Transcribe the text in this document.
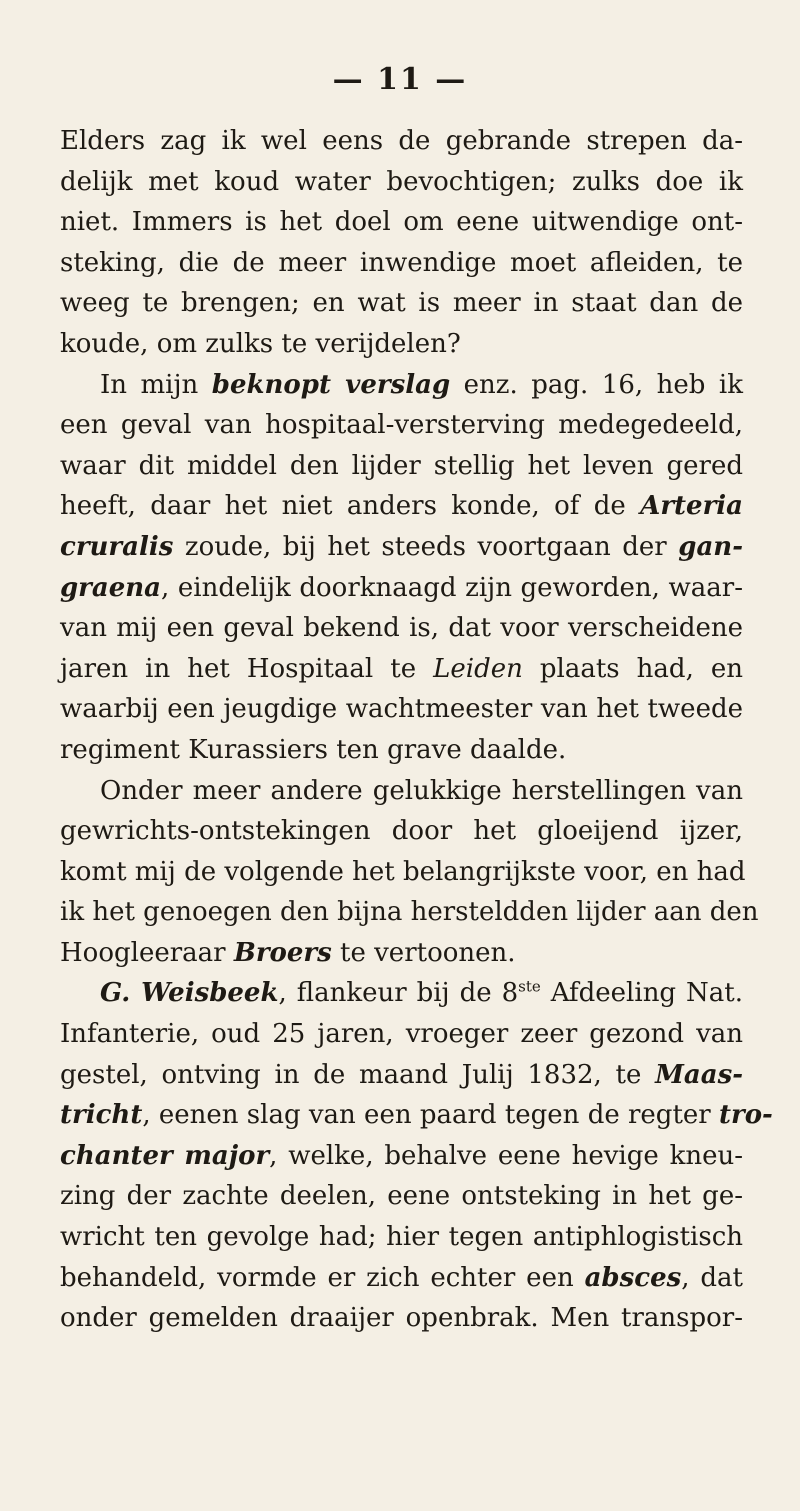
— 11 —
Elders zag ik wel eens de gebrande strepen da-
delijk met koud water bevochtigen; zulks doe ik
niet. Immers is het doel om eene uitwendige ont-
steking, die de meer inwendige moet afleiden, te
weeg te brengen; en wat is meer in staat dan de
koude, om zulks te verijdelen?
In mijn beknopt verslag enz. pag. 16, heb ik
een geval van hospitaal-versterving medegedeeld,
waar dit middel den lijder stellig het leven gered
heeft, daar het niet anders konde, of de Arteria
cruralis zoude, bij het steeds voortgaan der gan-
graena, eindelijk doorknaagd zijn geworden, waar-
van mij een geval bekend is, dat voor verscheidene
jaren in het Hospitaal te Leiden plaats had, en
waarbij een jeugdige wachtmeester van het tweede
regiment Kurassiers ten grave daalde.
Onder meer andere gelukkige herstellingen van
gewrichts-ontstekingen door het gloeijend ijzer,
komt mij de volgende het belangrijkste voor, en had
ik het genoegen den bijna hersteldden lijder aan den
Hoogleeraar Broers te vertoonen.
G. Weisbeek, flankeur bij de 8ste Afdeeling Nat.
Infanterie, oud 25 jaren, vroeger zeer gezond van
gestel, ontving in de maand Julij 1832, te Maas-
tricht, eenen slag van een paard tegen de regter tro-
chanter major, welke, behalve eene hevige kneu-
zing der zachte deelen, eene ontsteking in het ge-
wricht ten gevolge had; hier tegen antiphlogistisch
behandeld, vormde er zich echter een absces, dat
onder gemelden draaijer openbrak. Men transpor-
